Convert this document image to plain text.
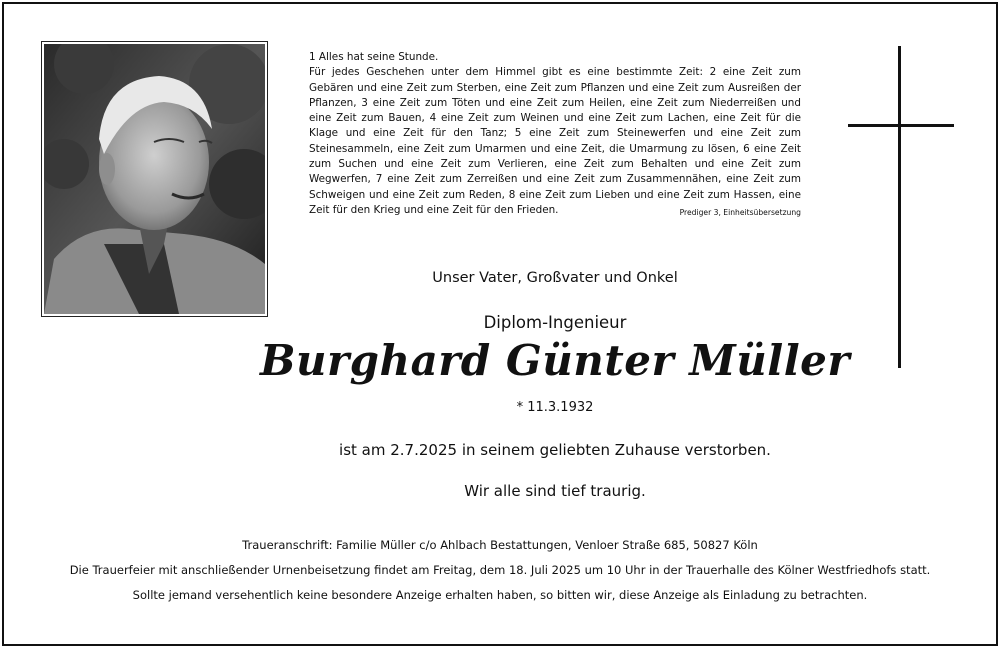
1 Alles hat seine Stunde.
Für jedes Geschehen unter dem Himmel gibt es eine bestimmte Zeit: 2 eine Zeit zum Gebären und eine Zeit zum Sterben, eine Zeit zum Pflanzen und eine Zeit zum Ausreißen der Pflanzen, 3 eine Zeit zum Töten und eine Zeit zum Heilen, eine Zeit zum Niederreißen und eine Zeit zum Bauen, 4 eine Zeit zum Weinen und eine Zeit zum Lachen, eine Zeit für die Klage und eine Zeit für den Tanz; 5 eine Zeit zum Steinewerfen und eine Zeit zum Steinesammeln, eine Zeit zum Umarmen und eine Zeit, die Umarmung zu lösen, 6 eine Zeit zum Suchen und eine Zeit zum Verlieren, eine Zeit zum Behalten und eine Zeit zum Wegwerfen, 7 eine Zeit zum Zerreißen und eine Zeit zum Zusammennähen, eine Zeit zum Schweigen und eine Zeit zum Reden, 8 eine Zeit zum Lieben und eine Zeit zum Hassen, eine Zeit für den Krieg und eine Zeit für den Frieden.	Prediger 3, Einheitsübersetzung
Unser Vater, Großvater und Onkel
Diplom-Ingenieur
Burghard Günter Müller
* 11.3.1932
ist am 2.7.2025 in seinem geliebten Zuhause verstorben.
Wir alle sind tief traurig.
Traueranschrift: Familie Müller c/o Ahlbach Bestattungen, Venloer Straße 685, 50827 Köln
Die Trauerfeier mit anschließender Urnenbeisetzung findet am Freitag, dem 18. Juli 2025 um 10 Uhr in der Trauerhalle des Kölner Westfriedhofs statt.
Sollte jemand versehentlich keine besondere Anzeige erhalten haben, so bitten wir, diese Anzeige als Einladung zu betrachten.
